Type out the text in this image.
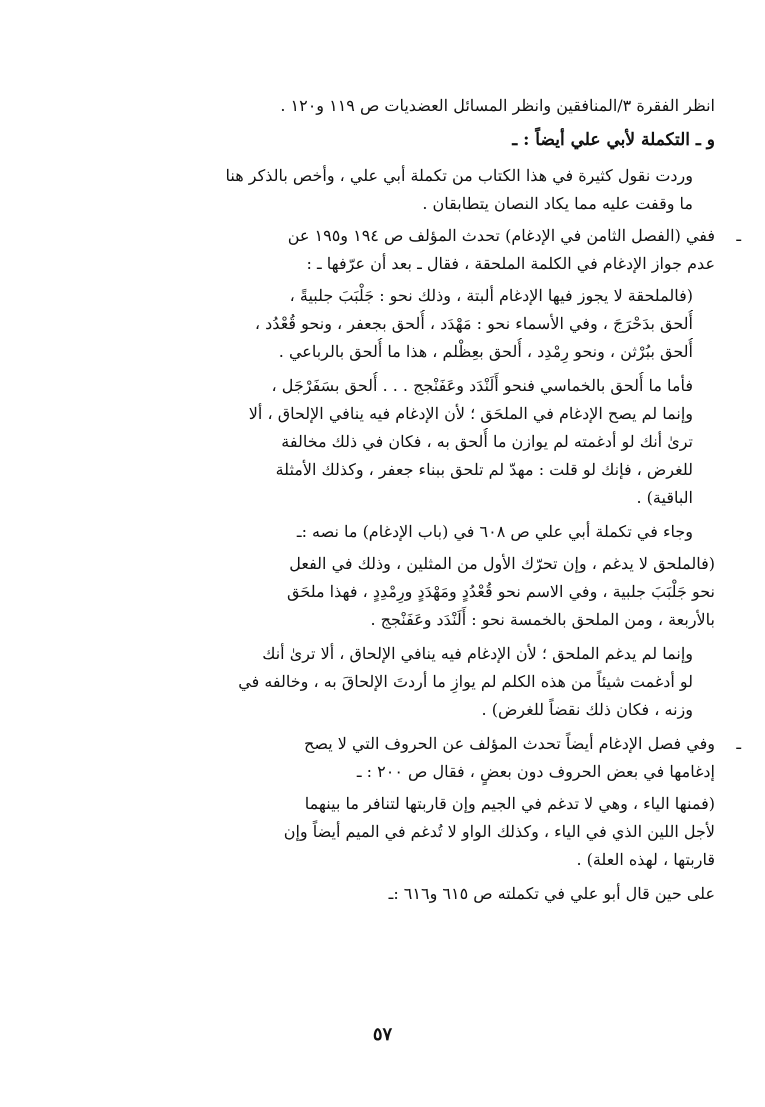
انظر الفقرة ٣/المنافقين وانظر المسائل العضديات ص ١١٩ و١٢٠ .
و ـ التكملة لأبي علي أيضاً : ـ
وردت نقول كثيرة في هذا الكتاب من تكملة أبي علي ، وأخص بالذكر هنا
ما وقفت عليه مما يكاد النصان يتطابقان .
ـ
ففي (الفصل الثامن في الإدغام) تحدث المؤلف ص ١٩٤ و١٩٥ عن
عدم جواز الإدغام في الكلمة الملحقة ، فقال ـ بعد أن عرّفها ـ :
(فالملحقة لا يجوز فيها الإدغام ألبتة ، وذلك نحو : جَلْبَبَ جلبيةً ،
أُلحق بدَحْرَجَ ، وفي الأسماء نحو : مَهْدَد ، أُلحق بجعفر ، ونحو قُعْدُد ،
أُلحق ببُرْثن ، ونحو رِمْدِد ، أُلحق بعِظْلم ، هذا ما أُلحق بالرباعي .
فأما ما أُلحق بالخماسي فنحو أَلَنْدَد وعَفَنْجج . . . أُلحق بسَفَرْجَل ،
وإنما لم يصح الإدغام في الملحَق ؛ لأن الإدغام فيه ينافي الإلحاق ، ألا
ترىٰ أنك لو أدغمته لم يوازن ما أُلحق به ، فكان في ذلك مخالفة
للغرض ، فإنك لو قلت : مهدّ لم تلحق ببناء جعفر ، وكذلك الأمثلة
الباقية) .
وجاء في تكملة أبي علي ص ٦٠٨ في (باب الإدغام) ما نصه :ـ
(فالملحق لا يدغم ، وإن تحرّك الأول من المثلين ، وذلك في الفعل
نحو جَلْبَبَ جلبية ، وفي الاسم نحو قُعْدُدٍ ومَهْدَدٍ ورِمْدِدٍ ، فهذا ملحَق
بالأربعة ، ومن الملحق بالخمسة نحو : أَلَنْدَد وعَفَنْجج .
وإنما لم يدغم الملحق ؛ لأن الإدغام فيه ينافي الإلحاق ، ألا ترىٰ أنك
لو أدغمت شيئاً من هذه الكلم لم يوازِ ما أردتَ الإلحاقَ به ، وخالفه في
وزنه ، فكان ذلك نقضاً للغرض) .
ـ
وفي فصل الإدغام أيضاً تحدث المؤلف عن الحروف التي لا يصح
إدغامها في بعض الحروف دون بعضٍ ، فقال ص ٢٠٠ : ـ
(فمنها الياء ، وهي لا تدغم في الجيم وإن قاربتها لتنافر ما بينهما
لأجل اللين الذي في الياء ، وكذلك الواو لا تُدغم في الميم أيضاً وإن
قاربتها ، لهذه العلة) .
على حين قال أبو علي في تكملته ص ٦١٥ و٦١٦ :ـ
٥٧
